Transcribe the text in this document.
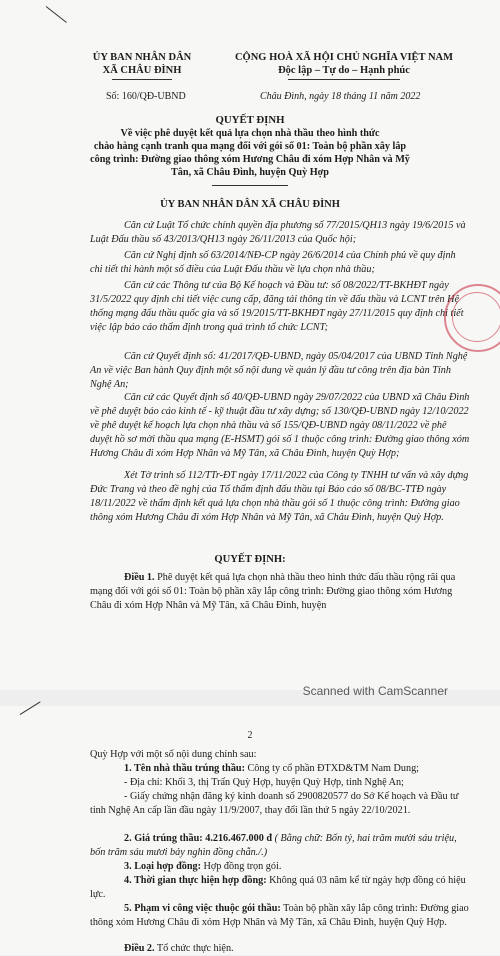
ỦY BAN NHÂN DÂN
XÃ CHÂU ĐÌNH
CỘNG HOÀ XÃ HỘI CHỦ NGHĨA VIỆT NAM
Độc lập – Tự do – Hạnh phúc
Số: 160/QĐ-UBND	Châu Đình, ngày 18 tháng 11 năm 2022
QUYẾT ĐỊNH
Về việc phê duyệt kết quả lựa chọn nhà thầu theo hình thức
chào hàng cạnh tranh qua mạng đối với gói số 01: Toàn bộ phần xây lắp
công trình: Đường giao thông xóm Hương Châu đi xóm Hợp Nhân và Mỹ
Tân, xã Châu Đình, huyện Quỳ Hợp
ỦY BAN NHÂN DÂN XÃ CHÂU ĐÌNH
Căn cứ Luật Tổ chức chính quyền địa phương số 77/2015/QH13 ngày 19/6/2015 và Luật Đấu thầu số 43/2013/QH13 ngày 26/11/2013 của Quốc hội;
Căn cứ Nghị định số 63/2014/NĐ-CP ngày 26/6/2014 của Chính phủ về quy định chi tiết thi hành một số điều của Luật Đấu thầu về lựa chọn nhà thầu;
Căn cứ các Thông tư của Bộ Kế hoạch và Đầu tư: số 08/2022/TT-BKHĐT ngày 31/5/2022 quy định chi tiết việc cung cấp, đăng tải thông tin về đấu thầu và LCNT trên Hệ thống mạng đấu thầu quốc gia và số 19/2015/TT-BKHĐT ngày 27/11/2015 quy định chi tiết việc lập báo cáo thẩm định trong quá trình tổ chức LCNT;
Căn cứ Quyết định số: 41/2017/QĐ-UBND, ngày 05/04/2017 của UBND Tỉnh Nghệ An về việc Ban hành Quy định một số nội dung về quản lý đầu tư công trên địa bàn Tỉnh Nghệ An;
Căn cứ các Quyết định số 40/QĐ-UBND ngày 29/07/2022 của UBND xã Châu Đình về phê duyệt báo cáo kinh tế - kỹ thuật đầu tư xây dựng; số 130/QĐ-UBND ngày 12/10/2022 về phê duyệt kế hoạch lựa chọn nhà thầu và số 155/QĐ-UBND ngày 08/11/2022 về phê duyệt hồ sơ mời thầu qua mạng (E-HSMT) gói số 1 thuộc công trình: Đường giao thông xóm Hương Châu đi xóm Hợp Nhân và Mỹ Tân, xã Châu Đình, huyện Quỳ Hợp;
Xét Tờ trình số 112/TTr-ĐT ngày 17/11/2022 của Công ty TNHH tư vấn và xây dựng Đức Trang và theo đề nghị của Tổ thẩm định đấu thầu tại Báo cáo số 08/BC-TTĐ ngày 18/11/2022 về thẩm định kết quả lựa chọn nhà thầu gói số 1 thuộc công trình: Đường giao thông xóm Hương Châu đi xóm Hợp Nhân và Mỹ Tân, xã Châu Đình, huyện Quỳ Hợp.
QUYẾT ĐỊNH:
Điều 1. Phê duyệt kết quả lựa chọn nhà thầu theo hình thức đấu thầu rộng rãi qua mạng đối với gói số 01: Toàn bộ phần xây lắp công trình: Đường giao thông xóm Hương Châu đi xóm Hợp Nhân và Mỹ Tân, xã Châu Đình, huyện
Scanned with CamScanner
2
Quỳ Hợp với một số nội dung chính sau:
1. Tên nhà thầu trúng thầu: Công ty cổ phần ĐTXD&TM Nam Dung;
- Địa chỉ: Khối 3, thị Trấn Quỳ Hợp, huyện Quỳ Hợp, tỉnh Nghệ An;
- Giấy chứng nhận đăng ký kinh doanh số 2900820577 do Sở Kế hoạch và Đầu tư tỉnh Nghệ An cấp lần đầu ngày 11/9/2007, thay đổi lần thứ 5 ngày 22/10/2021.
2. Giá trúng thầu: 4.216.467.000 đ ( Bằng chữ: Bốn tỷ, hai trăm mười sáu triệu, bốn trăm sáu mươi bảy nghìn đồng chẵn./.)
3. Loại hợp đồng: Hợp đồng trọn gói.
4. Thời gian thực hiện hợp đồng: Không quá 03 năm kể từ ngày hợp đồng có hiệu lực.
5. Phạm vi công việc thuộc gói thầu: Toàn bộ phần xây lắp công trình: Đường giao thông xóm Hương Châu đi xóm Hợp Nhân và Mỹ Tân, xã Châu Đình, huyện Quỳ Hợp.
Điều 2. Tổ chức thực hiện.
